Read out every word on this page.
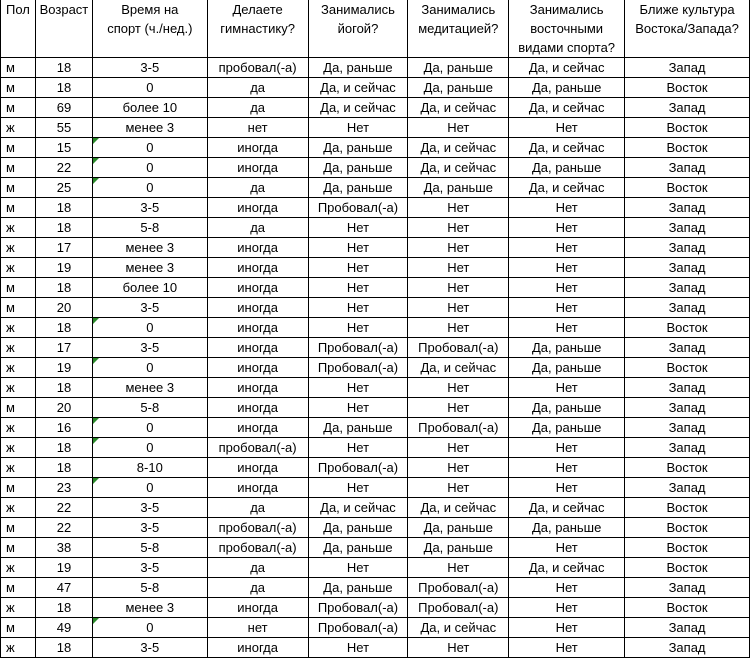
Пол	Возраст	Время на	Делаете	Занимались	Занимались	Занимались	Ближе культура
		спорт (ч./нед.)	гимнастику?	йогой?	медитацией?	восточными	Востока/Запада?
						видами спорта?	
м	18	3-5	пробовал(-а)	Да, раньше	Да, раньше	Да, и сейчас	Запад
м	18	0	да	Да, и сейчас	Да, раньше	Да, раньше	Восток
м	69	более 10	да	Да, и сейчас	Да, и сейчас	Да, и сейчас	Запад
ж	55	менее 3	нет	Нет	Нет	Нет	Восток
м	15	0	иногда	Да, раньше	Да, и сейчас	Да, и сейчас	Восток
м	22	0	иногда	Да, раньше	Да, и сейчас	Да, раньше	Запад
м	25	0	да	Да, раньше	Да, раньше	Да, и сейчас	Восток
м	18	3-5	иногда	Пробовал(-а)	Нет	Нет	Запад
ж	18	5-8	да	Нет	Нет	Нет	Запад
ж	17	менее 3	иногда	Нет	Нет	Нет	Запад
ж	19	менее 3	иногда	Нет	Нет	Нет	Запад
м	18	более 10	иногда	Нет	Нет	Нет	Запад
м	20	3-5	иногда	Нет	Нет	Нет	Запад
ж	18	0	иногда	Нет	Нет	Нет	Восток
ж	17	3-5	иногда	Пробовал(-а)	Пробовал(-а)	Да, раньше	Запад
ж	19	0	иногда	Пробовал(-а)	Да, и сейчас	Да, раньше	Восток
ж	18	менее 3	иногда	Нет	Нет	Нет	Запад
м	20	5-8	иногда	Нет	Нет	Да, раньше	Запад
ж	16	0	иногда	Да, раньше	Пробовал(-а)	Да, раньше	Запад
ж	18	0	пробовал(-а)	Нет	Нет	Нет	Запад
ж	18	8-10	иногда	Пробовал(-а)	Нет	Нет	Восток
м	23	0	иногда	Нет	Нет	Нет	Запад
ж	22	3-5	да	Да, и сейчас	Да, и сейчас	Да, и сейчас	Восток
м	22	3-5	пробовал(-а)	Да, раньше	Да, раньше	Да, раньше	Восток
м	38	5-8	пробовал(-а)	Да, раньше	Да, раньше	Нет	Восток
ж	19	3-5	да	Нет	Нет	Да, и сейчас	Восток
м	47	5-8	да	Да, раньше	Пробовал(-а)	Нет	Запад
ж	18	менее 3	иногда	Пробовал(-а)	Пробовал(-а)	Нет	Восток
м	49	0	нет	Пробовал(-а)	Да, и сейчас	Нет	Запад
ж	18	3-5	иногда	Нет	Нет	Нет	Запад
